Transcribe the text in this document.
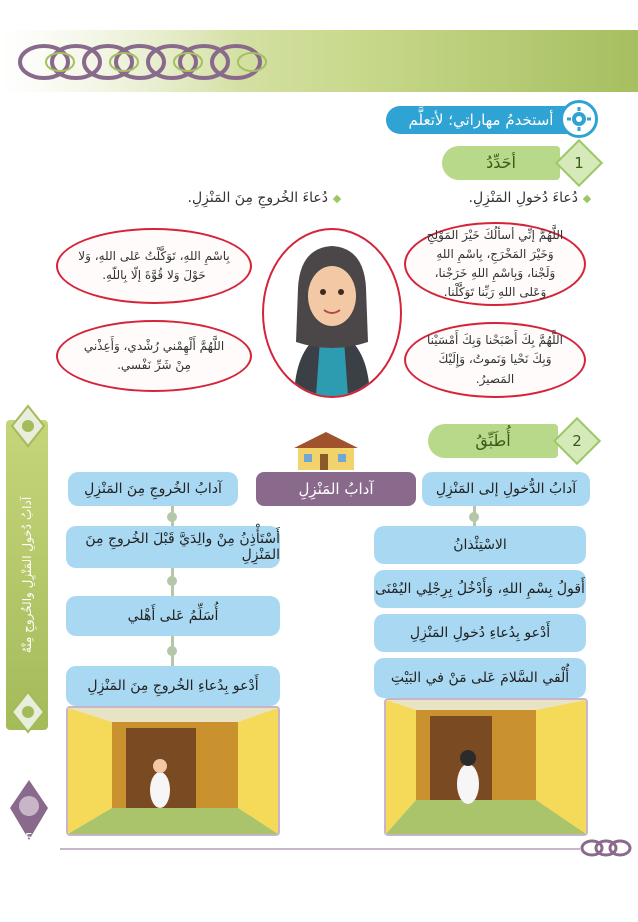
أستخدمُ مهاراتي؛ لأتعلَّم
أحَدِّدُ	1
دُعاءَ دُخولِ المَنْزِلِ.
دُعاءَ الخُروجِ مِنَ المَنْزِلِ.
اللَّهُمَّ إنِّي أسألُكَ خَيْرَ المَوْلِجِ وَخَيْرَ المَخْرَجِ، بِاسْمِ اللهِ وَلَجْنا، وَبِاسْمِ اللهِ خَرَجْنا، وَعَلى اللهِ رَبِّنا تَوَكَّلْنا.
اللَّهُمَّ بِكَ أَصْبَحْنا وَبِكَ أَمْسَيْنا وَبِكَ نَحْيا وَنَموتُ، وَإِلَيْكَ المَصيرُ.
بِاسْمِ اللهِ، تَوَكَّلْتُ عَلى اللهِ، وَلا حَوْلَ وَلا قُوَّةَ إلّا بِاللّهِ.
اللَّهُمَّ أَلْهِمْني رُشْدي، وَأَعِذْني مِنْ شَرِّ نَفْسي.
أُطَبِّقُ	2
آدابُ الدُّخولِ إلى المَنْزِلِ
آدابُ المَنْزِلِ
آدابُ الخُروجِ مِنَ المَنْزِلِ
الاسْتِئْذانُ
أَقولُ بِسْمِ اللهِ، وَأَدْخُلُ بِرِجْلِي اليُمْنَى
أَدْعو بِدُعاءِ دُخولِ المَنْزِلِ
أُلْقي السَّلامَ عَلى مَنْ في البَيْتِ
أَسْتَأْذِنُ مِنْ والِدَيَّ قَبْلَ الخُروجِ مِنَ المَنْزِلِ
أُسَلِّمُ عَلى أَهْلي
أَدْعو بِدُعاءِ الخُروجِ مِنَ المَنْزِلِ
آدابُ دُخولِ المَنْزِلِ والخُروجِ مِنْهُ
5
